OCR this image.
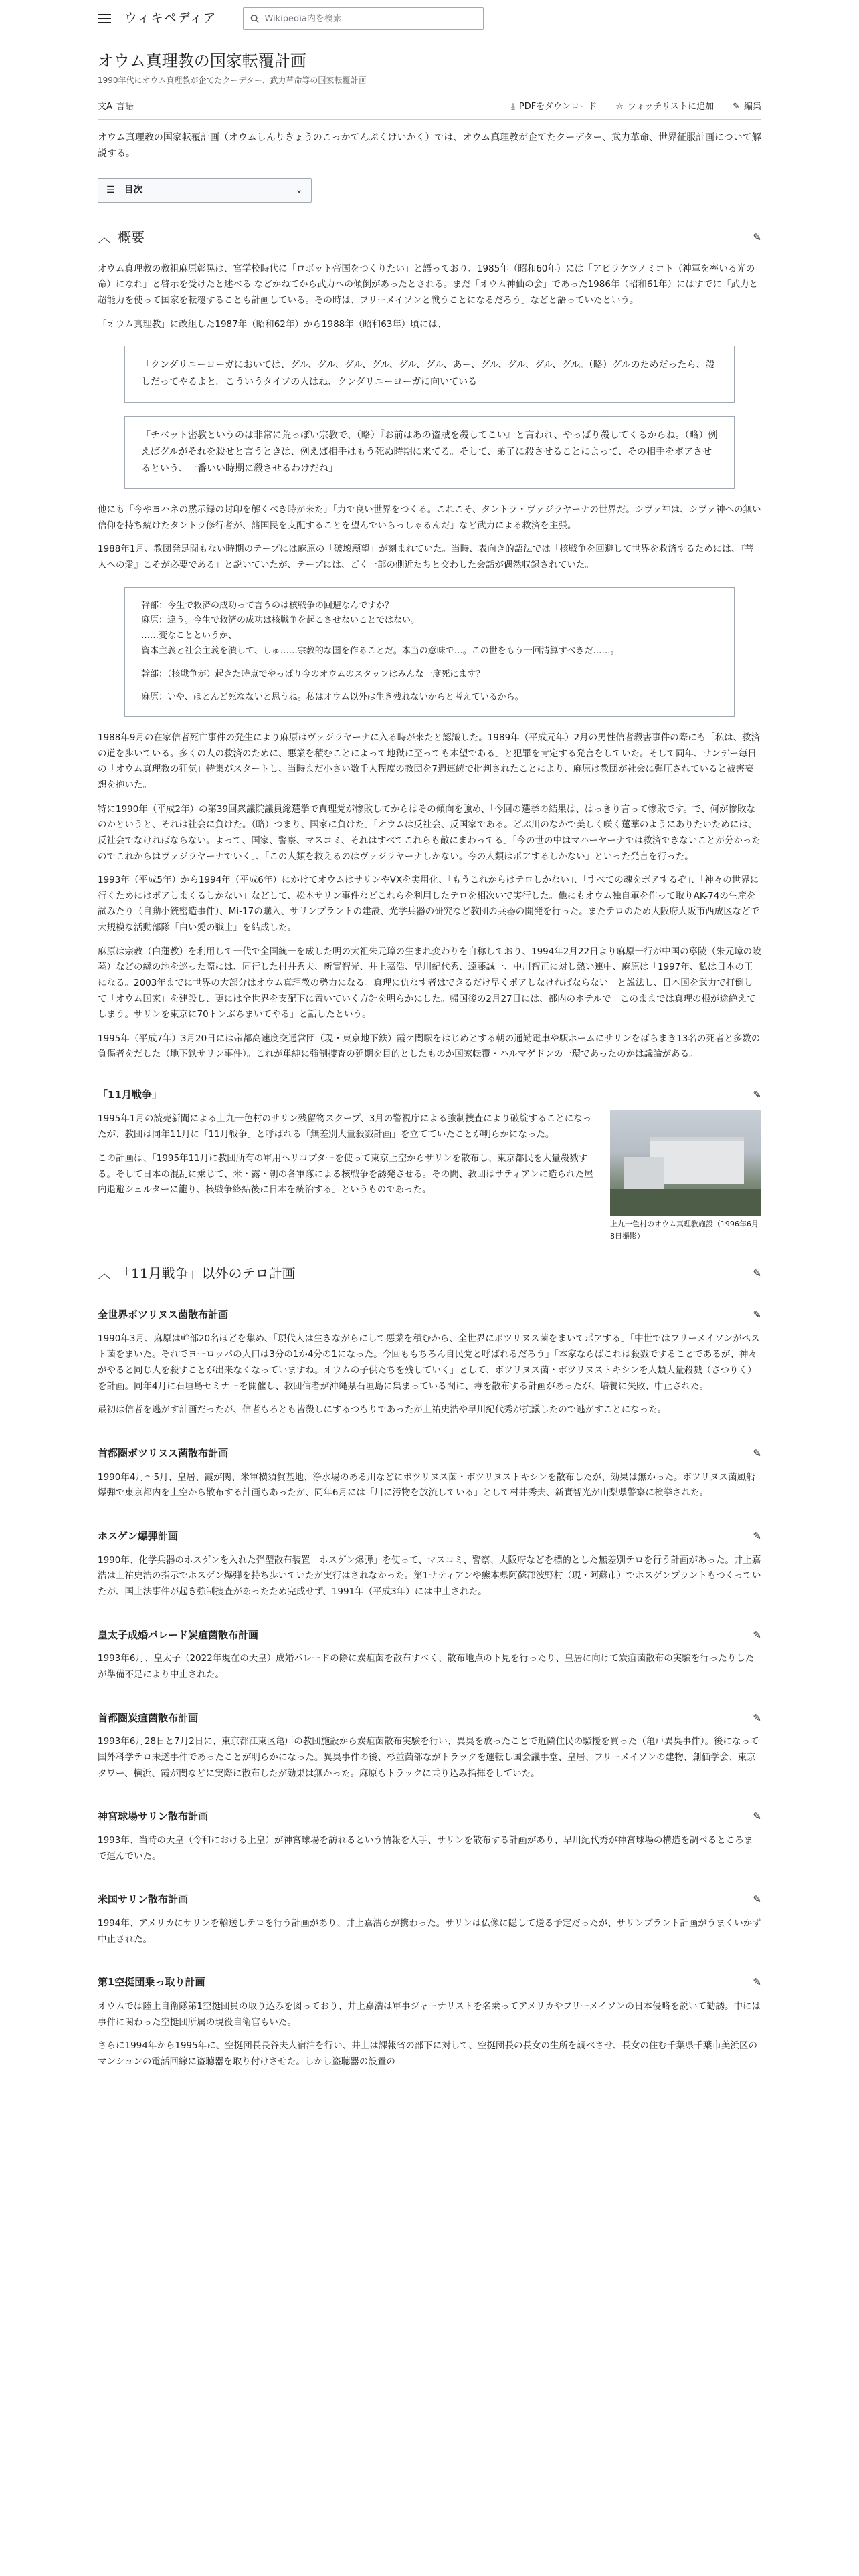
ウィキペディア
Wikipedia内を検索
オウム真理教の国家転覆計画
1990年代にオウム真理教が企てたクーデター、武力革命等の国家転覆計画
文A 言語	⤓ PDFをダウンロード ☆ ウォッチリストに追加 ✎ 編集

オウム真理教の国家転覆計画（オウムしんりきょうのこっかてんぷくけいかく）では、オウム真理教が企てたクーデター、武力革命、世界征服計画について解説する。

☰ 目次	⌄
︿ 概要	✎

オウム真理教の教祖麻原彰晃は、宮学校時代に「ロボット帝国をつくりたい」と語っており、1985年（昭和60年）には「アビラケツノミコト（神軍を率いる光の命）になれ」と啓示を受けたと述べる などかねてから武力への傾倒があったとされる。まだ「オウム神仙の会」であった1986年（昭和61年）にはすでに「武力と超能力を使って国家を転覆することも計画している。その時は、フリーメイソンと戦うことになるだろう」などと語っていたという。

「オウム真理教」に改組した1987年（昭和62年）から1988年（昭和63年）頃には、

「クンダリニーヨーガにおいては、グル、グル、グル、グル、グル、グル、あー、グル、グル、グル、グル。（略）グルのためだったら、殺しだってやるよと。こういうタイプの人はね、クンダリニーヨーガに向いている」
「チベット密教というのは非常に荒っぽい宗教で、（略）『お前はあの盗賊を殺してこい』と言われ、やっぱり殺してくるからね。（略）例えばグルがそれを殺せと言うときは、例えば相手はもう死ぬ時期に来てる。そして、弟子に殺させることによって、その相手をポアさせるという、一番いい時期に殺させるわけだね」

他にも「今やヨハネの黙示録の封印を解くべき時が来た」「力で良い世界をつくる。これこそ、タントラ・ヴァジラヤーナの世界だ。シヴァ神は、シヴァ神への無い信仰を持ち続けたタントラ修行者が、諸国民を支配することを望んでいらっしゃるんだ」など武力による救済を主張。

1988年1月、教団発足間もない時期のテープには麻原の「破壊願望」が刻まれていた。当時、表向き的語法では「核戦争を回避して世界を救済するためには、『菩人への愛』こそが必要である」と説いていたが、テープには、ごく一部の側近たちと交わした会話が偶然収録されていた。

幹部：今生で救済の成功って言うのは核戦争の回避なんですか？
麻原：違う。今生で救済の成功は核戦争を起こさせないことではない。
……変なことというか、
資本主義と社会主義を潰して、しゅ……宗教的な国を作ることだ。本当の意味で…。この世をもう一回清算すべきだ……。
幹部：（核戦争が）起きた時点でやっぱり今のオウムのスタッフはみんな一度死にます？
麻原：いや、ほとんど死なないと思うね。私はオウム以外は生き残れないからと考えているから。

1988年9月の在家信者死亡事件の発生により麻原はヴァジラヤーナに入る時が来たと認識した。1989年（平成元年）2月の男性信者殺害事件の際にも「私は、救済の道を歩いている。多くの人の救済のために、悪業を積むことによって地獄に至っても本望である」と犯罪を肯定する発言をしていた。そして同年、サンデー毎日の「オウム真理教の狂気」特集がスタートし、当時まだ小さい数千人程度の教団を7週連続で批判されたことにより、麻原は教団が社会に弾圧されていると被害妄想を抱いた。

特に1990年（平成2年）の第39回衆議院議員総選挙で真理党が惨敗してからはその傾向を強め、「今回の選挙の結果は、はっきり言って惨敗です。で、何が惨敗なのかというと、それは社会に負けた。（略）つまり、国家に負けた」「オウムは反社会、反国家である。どぶ川のなかで美しく咲く蓮華のようにありたいためには、反社会でなければならない。よって、国家、警察、マスコミ、それはすべてこれらも敵にまわってる」「今の世の中はマハーヤーナでは救済できないことが分かったのでこれからはヴァジラヤーナでいく」、「この人類を救えるのはヴァジラヤーナしかない。今の人類はポアするしかない」といった発言を行った。

1993年（平成5年）から1994年（平成6年）にかけてオウムはサリンやVXを実用化、「もうこれからはテロしかない」、「すべての魂をポアするぞ」、「神々の世界に行くためにはポアしまくるしかない」などして、松本サリン事件などこれらを利用したテロを相次いで実行した。他にもオウム独自軍を作って取りAK-74の生産を試みたり（自動小銃密造事件）、Mi-17の購入、サリンプラントの建設、光学兵器の研究など教団の兵器の開発を行った。またテロのため大阪府大阪市西成区などで大規模な活動部隊「白い愛の戦士」を結成した。

麻原は宗教（白蓮教）を利用して一代で全国統一を成した明の太祖朱元璋の生まれ変わりを自称しており、1994年2月22日より麻原一行が中国の寧陵（朱元璋の陵墓）などの縁の地を巡った際には、同行した村井秀夫、新實智光、井上嘉浩、早川紀代秀、遠藤誠一、中川智正に対し熱い連中、麻原は「1997年、私は日本の王になる。2003年までに世界の大部分はオウム真理教の勢力になる。真理に仇なす者はできるだけ早くポアしなければならない」と説法し、日本国を武力で打倒して「オウム国家」を建設し、更には全世界を支配下に置いていく方針を明らかにした。帰国後の2月27日には、都内のホテルで「このままでは真理の根が途絶えてしまう。サリンを東京に70トンぶちまいてやる」と話したという。

1995年（平成7年）3月20日には帝都高速度交通営団（現・東京地下鉄）霞ケ関駅をはじめとする朝の通勤電車や駅ホームにサリンをばらまき13名の死者と多数の負傷者をだした（地下鉄サリン事件）。これが単純に強制捜査の延期を目的としたものか国家転覆・ハルマゲドンの一環であったのかは議論がある。

「11月戦争」	✎
上九一色村のオウム真理教施設（1996年6月8日撮影）

1995年1月の読売新聞による上九一色村のサリン残留物スクープ、3月の警視庁による強制捜査により破綻することになったが、教団は同年11月に「11月戦争」と呼ばれる「無差別大量殺戮計画」を立てていたことが明らかになった。

この計画は、「1995年11月に教団所有の軍用ヘリコプターを使って東京上空からサリンを散布し、東京都民を大量殺戮する。そして日本の混乱に乗じて、米・露・朝の各軍隊による核戦争を誘発させる。その間、教団はサティアンに造られた屋内退避シェルターに籠り、核戦争終結後に日本を統治する」というものであった。

︿ 「11月戦争」以外のテロ計画	✎
全世界ボツリヌス菌散布計画	✎

1990年3月、麻原は幹部20名ほどを集め、「現代人は生きながらにして悪業を積むから、全世界にボツリヌス菌をまいてポアする」「中世ではフリーメイソンがペスト菌をまいた。それでヨーロッパの人口は3分の1か4分の1になった。今回ももちろん自民党と呼ばれるだろう」「本家ならばこれは殺戮ですることであるが、神々がやると同じ人を殺すことが出来なくなっていますね。オウムの子供たちを残していく」として、ボツリヌス菌・ボツリヌストキシンを人類大量殺戮（さつりく）を計画。同年4月に石垣島セミナーを開催し、教団信者が沖縄県石垣島に集まっている間に、毒を散布する計画があったが、培養に失敗、中止された。

最初は信者を逃がす計画だったが、信者もろとも皆殺しにするつもりであったが上祐史浩や早川紀代秀が抗議したので逃がすことになった。

首都圏ボツリヌス菌散布計画	✎

1990年4月〜5月、皇居、霞が関、米軍横須賀基地、浄水場のある川などにボツリヌス菌・ボツリヌストキシンを散布したが、効果は無かった。ボツリヌス菌風船爆弾で東京都内を上空から散布する計画もあったが、同年6月には「川に汚物を放流している」として村井秀夫、新實智光が山梨県警察に検挙された。

ホスゲン爆弾計画	✎

1990年、化学兵器のホスゲンを入れた弾型散布装置「ホスゲン爆弾」を使って、マスコミ、警察、大阪府などを標的とした無差別テロを行う計画があった。井上嘉浩は上祐史浩の指示でホスゲン爆弾を持ち歩いていたが実行はされなかった。第1サティアンや熊本県阿蘇郡波野村（現・阿蘇市）でホスゲンプラントもつくっていたが、国土法事件が起き強制捜査があったため完成せず、1991年（平成3年）には中止された。

皇太子成婚パレード炭疽菌散布計画	✎

1993年6月、皇太子（2022年現在の天皇）成婚パレードの際に炭疽菌を散布すべく、散布地点の下見を行ったり、皇居に向けて炭疽菌散布の実験を行ったりしたが準備不足により中止された。

首都圏炭疽菌散布計画	✎

1993年6月28日と7月2日に、東京都江東区亀戸の教団施設から炭疽菌散布実験を行い、異臭を放ったことで近隣住民の騒擾を買った（亀戸異臭事件）。後になって国外科学テロ未遂事件であったことが明らかになった。異臭事件の後、杉並菌部ながトラックを運転し国会議事堂、皇居、フリーメイソンの建物、創価学会、東京タワー、横浜、霞が関などに実際に散布したが効果は無かった。麻原もトラックに乗り込み指揮をしていた。

神宮球場サリン散布計画	✎

1993年、当時の天皇（令和における上皇）が神宮球場を訪れるという情報を入手、サリンを散布する計画があり、早川紀代秀が神宮球場の構造を調べるところまで運んでいた。

米国サリン散布計画	✎

1994年、アメリカにサリンを輸送しテロを行う計画があり、井上嘉浩らが携わった。サリンは仏像に隠して送る予定だったが、サリンプラント計画がうまくいかず中止された。

第1空挺団乗っ取り計画	✎

オウムでは陸上自衛隊第1空挺団員の取り込みを図っており、井上嘉浩は軍事ジャーナリストを名乗ってアメリカやフリーメイソンの日本侵略を説いて勧誘。中には事件に関わった空挺団所属の現役自衛官もいた。

さらに1994年から1995年に、空挺団長長谷夫人宿泊を行い、井上は課報省の部下に対して、空挺団長の長女の生所を調べさせ、長女の住む千葉県千葉市美浜区のマンションの電話回線に盗聴器を取り付けさせた。しかし盗聴器の設置の
